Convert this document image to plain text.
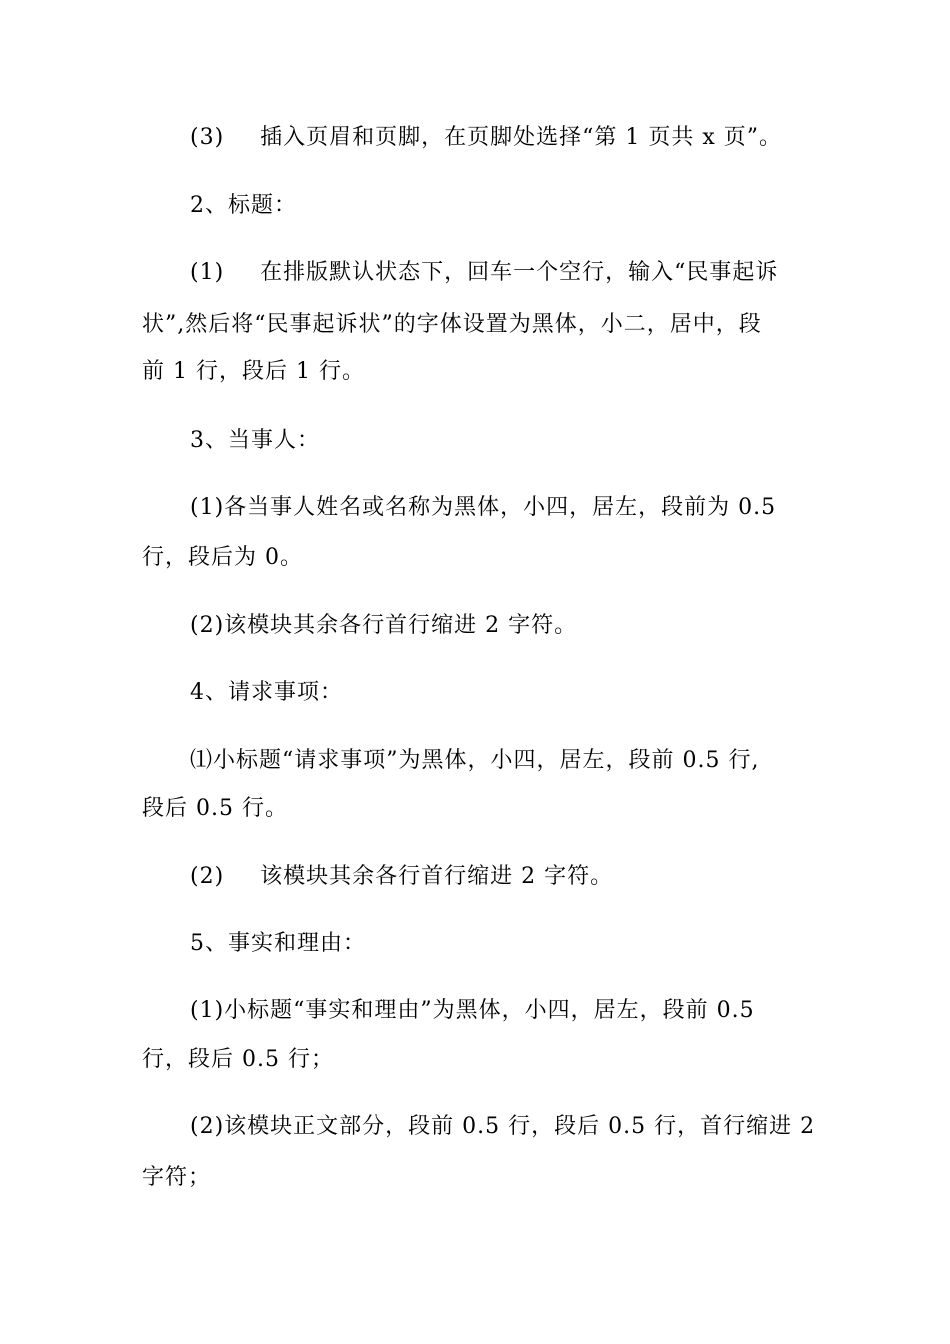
(3) 插入页眉和页脚，在页脚处选择“第 1 页共 x 页”。
2、标题：
(1) 在排版默认状态下，回车一个空行，输入“民事起诉
状”,然后将“民事起诉状”的字体设置为黑体，小二，居中，段
前 1 行，段后 1 行。
3、当事人：
(1)各当事人姓名或名称为黑体，小四，居左，段前为 0.5
行，段后为 0。
(2)该模块其余各行首行缩进 2 字符。
4、请求事项：
⑴小标题“请求事项”为黑体，小四，居左，段前 0.5 行,
段后 0.5 行。
(2) 该模块其余各行首行缩进 2 字符。
5、事实和理由：
(1)小标题“事实和理由”为黑体，小四，居左，段前 0.5
行，段后 0.5 行；
(2)该模块正文部分，段前 0.5 行，段后 0.5 行，首行缩进 2
字符；
